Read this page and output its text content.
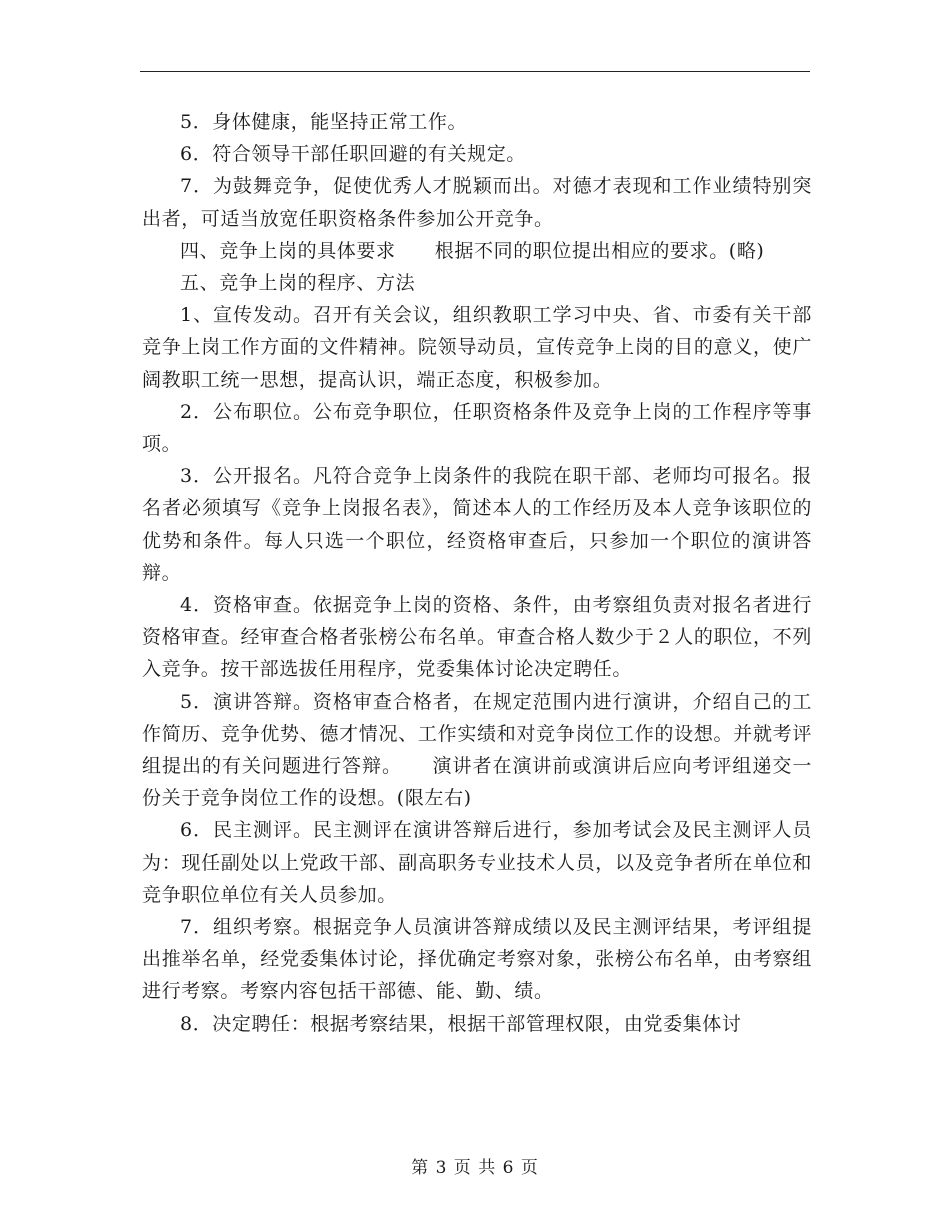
5．身体健康，能坚持正常工作。

6．符合领导干部任职回避的有关规定。

7．为鼓舞竞争，促使优秀人才脱颖而出。对德才表现和工作业绩特别突出者，可适当放宽任职资格条件参加公开竞争。

四、竞争上岗的具体要求　　根据不同的职位提出相应的要求。(略)

五、竞争上岗的程序、方法

1、宣传发动。召开有关会议，组织教职工学习中央、省、市委有关干部竞争上岗工作方面的文件精神。院领导动员，宣传竞争上岗的目的意义，使广阔教职工统一思想，提高认识，端正态度，积极参加。

2．公布职位。公布竞争职位，任职资格条件及竞争上岗的工作程序等事项。

3．公开报名。凡符合竞争上岗条件的我院在职干部、老师均可报名。报名者必须填写《竞争上岗报名表》，简述本人的工作经历及本人竞争该职位的优势和条件。每人只选一个职位，经资格审查后，只参加一个职位的演讲答辩。

4．资格审查。依据竞争上岗的资格、条件，由考察组负责对报名者进行资格审查。经审查合格者张榜公布名单。审查合格人数少于２人的职位，不列入竞争。按干部选拔任用程序，党委集体讨论决定聘任。

5．演讲答辩。资格审查合格者，在规定范围内进行演讲，介绍自己的工作简历、竞争优势、德才情况、工作实绩和对竞争岗位工作的设想。并就考评组提出的有关问题进行答辩。　　演讲者在演讲前或演讲后应向考评组递交一份关于竞争岗位工作的设想。(限左右)

6．民主测评。民主测评在演讲答辩后进行，参加考试会及民主测评人员为：现任副处以上党政干部、副高职务专业技术人员，以及竞争者所在单位和竞争职位单位有关人员参加。

7．组织考察。根据竞争人员演讲答辩成绩以及民主测评结果，考评组提出推举名单，经党委集体讨论，择优确定考察对象，张榜公布名单，由考察组进行考察。考察内容包括干部德、能、勤、绩。

8．决定聘任：根据考察结果，根据干部管理权限，由党委集体讨

第 3 页 共 6 页
